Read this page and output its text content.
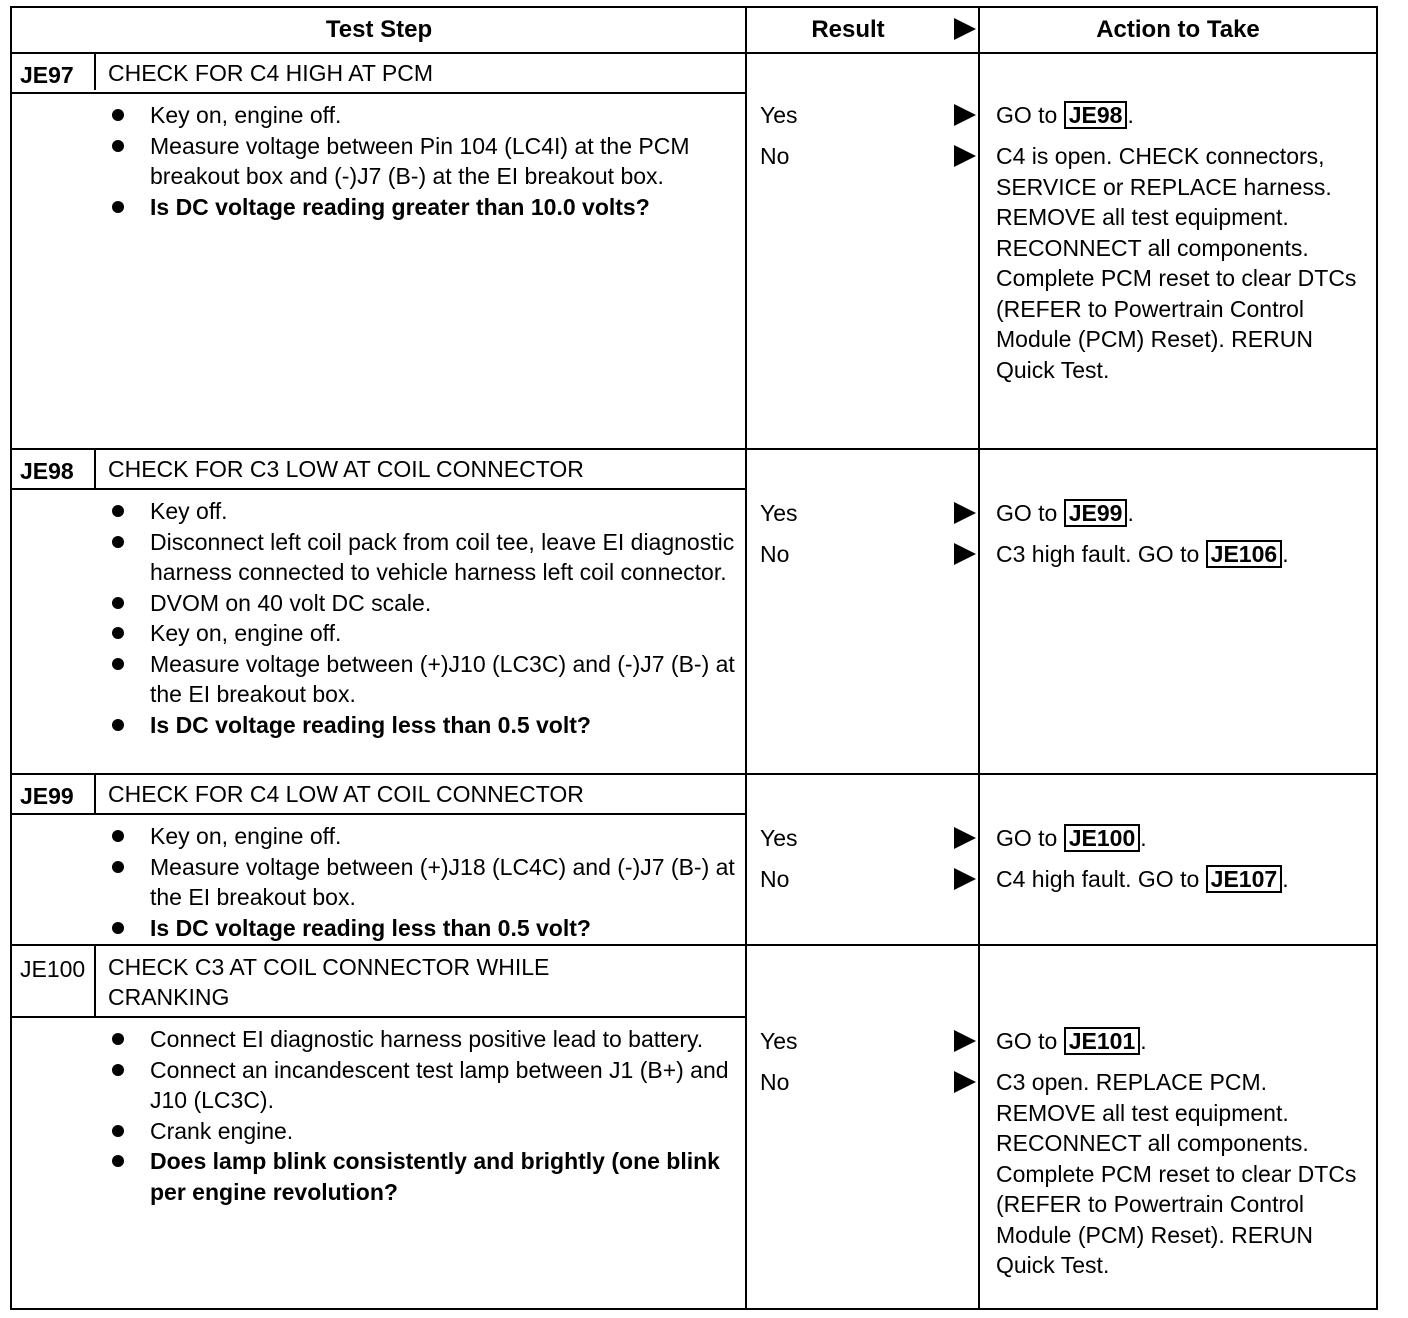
Test Step	Result	Action to Take
JE97 CHECK FOR C4 HIGH AT PCM
Key on, engine off.
Measure voltage between Pin 104 (LC4I) at the PCM breakout box and (-)J7 (B-) at the EI breakout box.
Is DC voltage reading greater than 10.0 volts?
Yes
No
GO to JE98 .
C4 is open. CHECK connectors, SERVICE or REPLACE harness. REMOVE all test equipment. RECONNECT all components. Complete PCM reset to clear DTCs (REFER to Powertrain Control Module (PCM) Reset). RERUN Quick Test.
JE98 CHECK FOR C3 LOW AT COIL CONNECTOR
Key off.
Disconnect left coil pack from coil tee, leave EI diagnostic harness connected to vehicle harness left coil connector.
DVOM on 40 volt DC scale.
Key on, engine off.
Measure voltage between (+)J10 (LC3C) and (-)J7 (B-) at the EI breakout box.
Is DC voltage reading less than 0.5 volt?
Yes
No
GO to JE99 .
C3 high fault. GO to JE106 .
JE99 CHECK FOR C4 LOW AT COIL CONNECTOR
Key on, engine off.
Measure voltage between (+)J18 (LC4C) and (-)J7 (B-) at the EI breakout box.
Is DC voltage reading less than 0.5 volt?
Yes
No
GO to JE100 .
C4 high fault. GO to JE107 .
JE100 CHECK C3 AT COIL CONNECTOR WHILE CRANKING
Connect EI diagnostic harness positive lead to battery.
Connect an incandescent test lamp between J1 (B+) and J10 (LC3C).
Crank engine.
Does lamp blink consistently and brightly (one blink per engine revolution?
Yes
No
GO to JE101 .
C3 open. REPLACE PCM. REMOVE all test equipment. RECONNECT all components. Complete PCM reset to clear DTCs (REFER to Powertrain Control Module (PCM) Reset). RERUN Quick Test.
